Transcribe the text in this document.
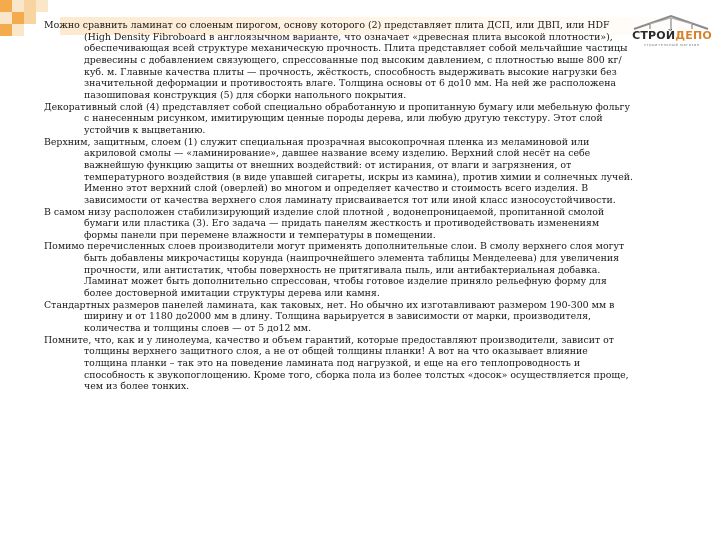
СТРОЙДЕПО
строительный магазин

Можно сравнить ламинат со слоеным пирогом, основу которого (2) представляет плита ДСП, или ДВП, или HDF (High Density Fibroboard в англоязычном варианте, что означает «древесная плита высокой плотности»), обеспечивающая всей структуре механическую прочность. Плита представляет собой мельчайшие частицы древесины с добавлением связующего, спрессованные под высоким давлением, с плотностью выше 800 кг/ куб. м. Главные качества плиты — прочность, жёсткость, способность выдерживать высокие нагрузки без значительной деформации и противостоять влаге. Толщина основы от 6 до10 мм. На ней же расположена пазошиповая конструкция (5) для сборки напольного покрытия.

Декоративный слой (4) представляет собой специально обработанную и пропитанную бумагу или мебельную фольгу с нанесенным рисунком, имитирующим ценные породы дерева, или любую другую текстуру. Этот слой устойчив к выцветанию.

Верхним, защитным, слоем (1) служит специальная прозрачная высокопрочная пленка из меламиновой или акриловой смолы — «ламинирование», давшее название всему изделию. Верхний слой несёт на себе важнейшую функцию защиты от внешних воздействий: от истирания, от влаги и загрязнения, от температурного воздействия (в виде упавшей сигареты, искры из камина), против химии и солнечных лучей. Именно этот верхний слой (оверлей) во многом и определяет качество и стоимость всего изделия. В зависимости от качества верхнего слоя ламинату присваивается тот или иной класс износоустойчивости.

В самом низу расположен стабилизирующий изделие слой плотной , водонепроницаемой, пропитанной смолой бумаги или пластика (3). Его задача — придать панелям жесткость и противодействовать изменениям формы панели при перемене влажности и температуры в помещении.

Помимо перечисленных слоев производители могут применять дополнительные слои. В смолу верхнего слоя могут быть добавлены микрочастицы корунда (наипрочнейшего элемента таблицы Менделеева) для увеличения прочности, или антистатик, чтобы поверхность не притягивала пыль, или антибактериальная добавка. Ламинат может быть дополнительно спрессован, чтобы готовое изделие приняло рельефную форму для более достоверной имитации структуры дерева или камня.

Стандартных размеров панелей ламината, как таковых, нет. Но обычно их изготавливают размером 190-300 мм в ширину и от 1180 до2000 мм в длину. Толщина варьируется в зависимости от марки, производителя, количества и толщины слоев — от 5 до12 мм.

Помните, что, как и у линолеума, качество и объем гарантий, которые предоставляют производители, зависит от толщины верхнего защитного слоя, а не от общей толщины планки! А вот на что оказывает влияние толщина планки – так это на поведение ламината под нагрузкой, и еще на его теплопроводность и способность к звукопоглощению. Кроме того, сборка пола из более толстых «досок» осуществляется проще, чем из более тонких.
